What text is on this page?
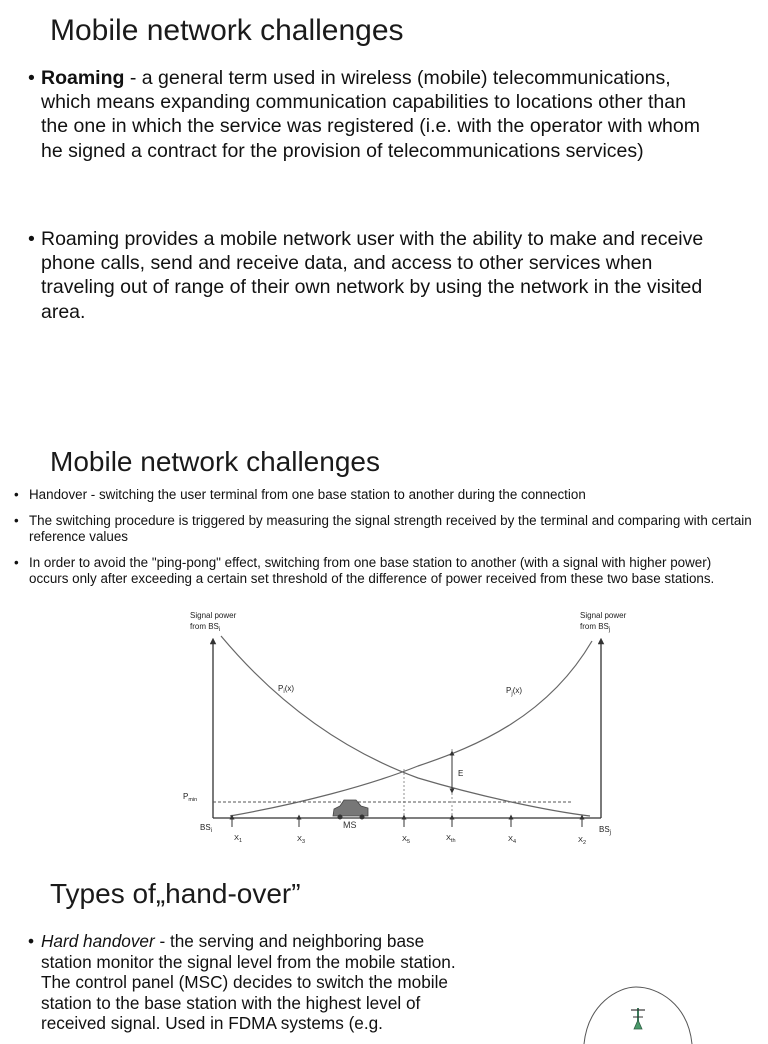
Mobile network challenges
• Roaming - a general term used in wireless (mobile) telecommunications, which means expanding communication capabilities to locations other than the one in which the service was registered (i.e. with the operator with whom he signed a contract for the provision of telecommunications services)
• Roaming provides a mobile network user with the ability to make and receive phone calls, send and receive data, and access to other services when traveling out of range of their own network by using the network in the visited area.
Mobile network challenges
• Handover - switching the user terminal from one base station to another during the connection
• The switching procedure is triggered by measuring the signal strength received by the terminal and comparing with certain reference values
• In order to avoid the "ping-pong" effect, switching from one base station to another (with a signal with higher power) occurs only after exceeding a certain set threshold of the difference of power received from these two base stations.
MS
Signal power
from $BS_i$
Signal power
from $BS_j$
$P_i(x)$	$P_j(x)$
$P_{min}$
E
$BS_i$	$BS_j$
$X_1$	$X_3$	$X_5$	$X_{th}$	$X_4$	$X_2$
Types of„hand-over”
• Hard handover - the serving and neighboring base station monitor the signal level from the mobile station. The control panel (MSC) decides to switch the mobile station to the base station with the highest level of received signal. Used in FDMA systems (e.g.
